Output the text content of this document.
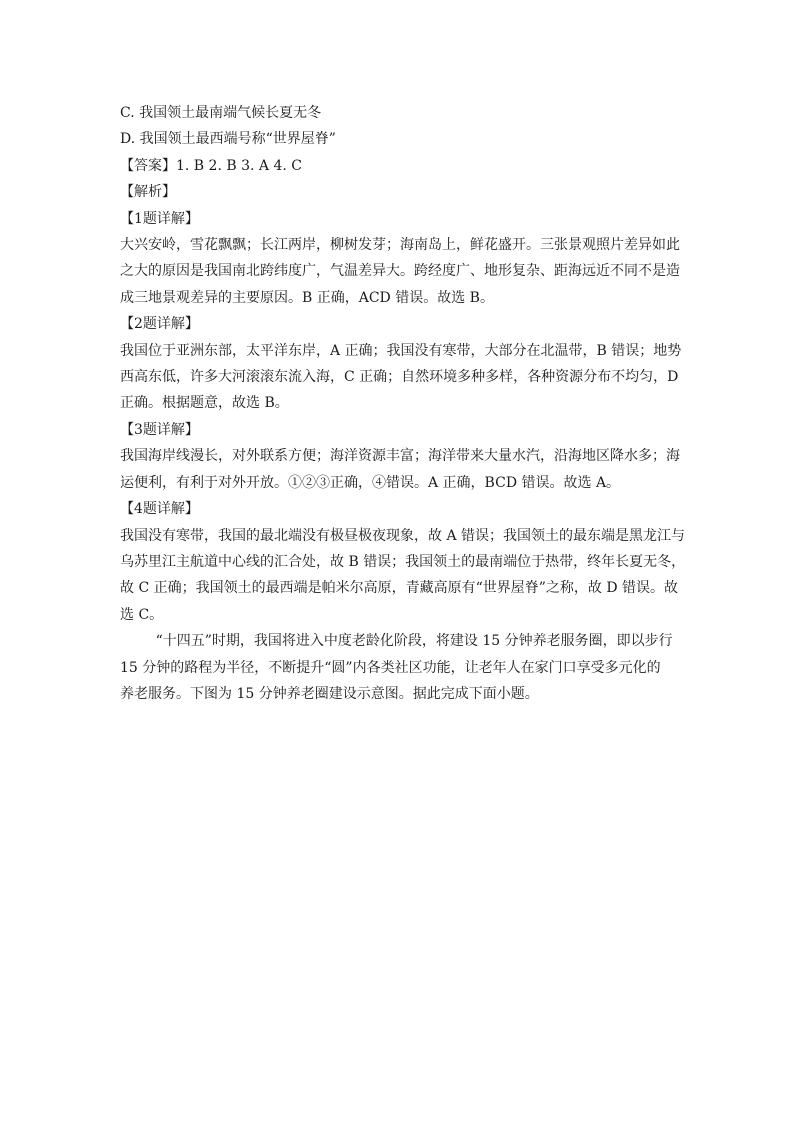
C. 我国领土最南端气候长夏无冬

D. 我国领土最西端号称“世界屋脊”

【答案】1. B 2. B 3. A 4. C

【解析】

【1题详解】

大兴安岭，雪花飘飘；长江两岸，柳树发芽；海南岛上，鲜花盛开。三张景观照片差异如此

之大的原因是我国南北跨纬度广，气温差异大。跨经度广、地形复杂、距海远近不同不是造

成三地景观差异的主要原因。B 正确，ACD 错误。故选 B。

【2题详解】

我国位于亚洲东部，太平洋东岸，A 正确；我国没有寒带，大部分在北温带，B 错误；地势

西高东低，许多大河滚滚东流入海，C 正确；自然环境多种多样，各种资源分布不均匀，D

正确。根据题意，故选 B。

【3题详解】

我国海岸线漫长，对外联系方便；海洋资源丰富；海洋带来大量水汽，沿海地区降水多；海

运便利，有利于对外开放。①②③正确，④错误。A 正确，BCD 错误。故选 A。

【4题详解】

我国没有寒带，我国的最北端没有极昼极夜现象，故 A 错误；我国领土的最东端是黑龙江与

乌苏里江主航道中心线的汇合处，故 B 错误；我国领土的最南端位于热带，终年长夏无冬，

故 C 正确；我国领土的最西端是帕米尔高原，青藏高原有“世界屋脊”之称，故 D 错误。故

选 C。

“十四五”时期，我国将进入中度老龄化阶段，将建设 15 分钟养老服务圈，即以步行

15 分钟的路程为半径，不断提升“圆”内各类社区功能，让老年人在家门口享受多元化的

养老服务。下图为 15 分钟养老圈建设示意图。据此完成下面小题。
